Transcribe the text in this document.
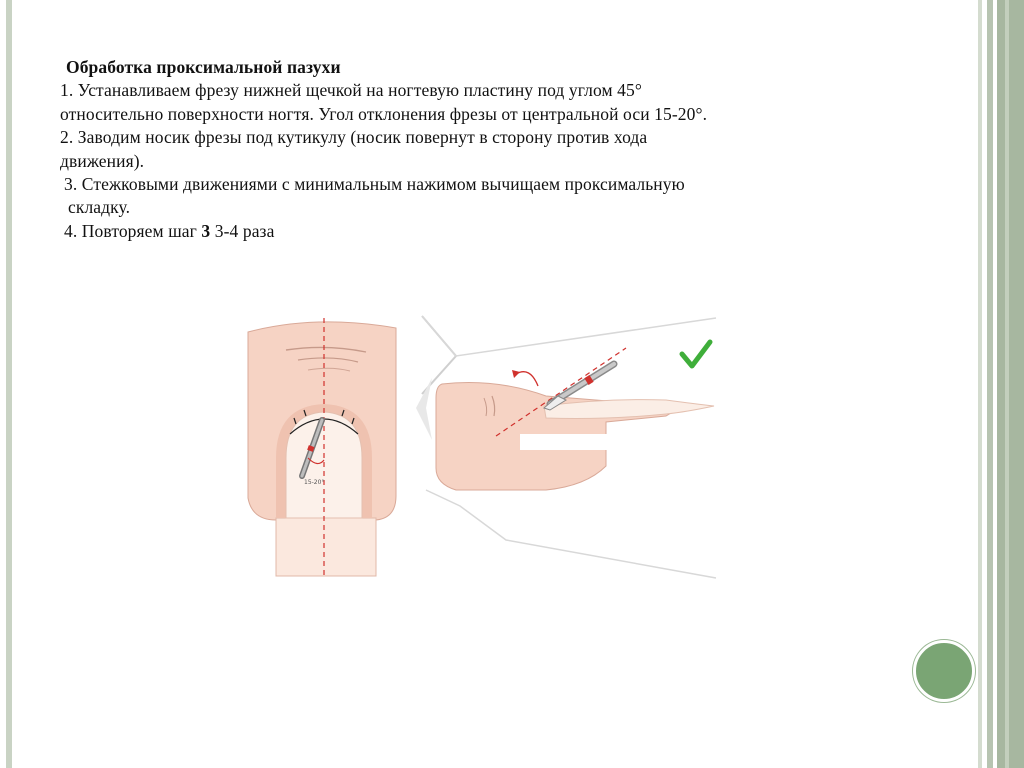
Обработка проксимальной пазухи
1. Устанавливаем фрезу нижней щечкой на ногтевую пластину под углом 45°
относительно поверхности ногтя. Угол отклонения фрезы от центральной оси 15-20°.
2. Заводим носик фрезы под кутикулу (носик повернут в сторону против хода
движения).
3. Стежковыми движениями с минимальным нажимом вычищаем проксимальную
складку.
4. Повторяем шаг 3 3-4 раза
15-20°
